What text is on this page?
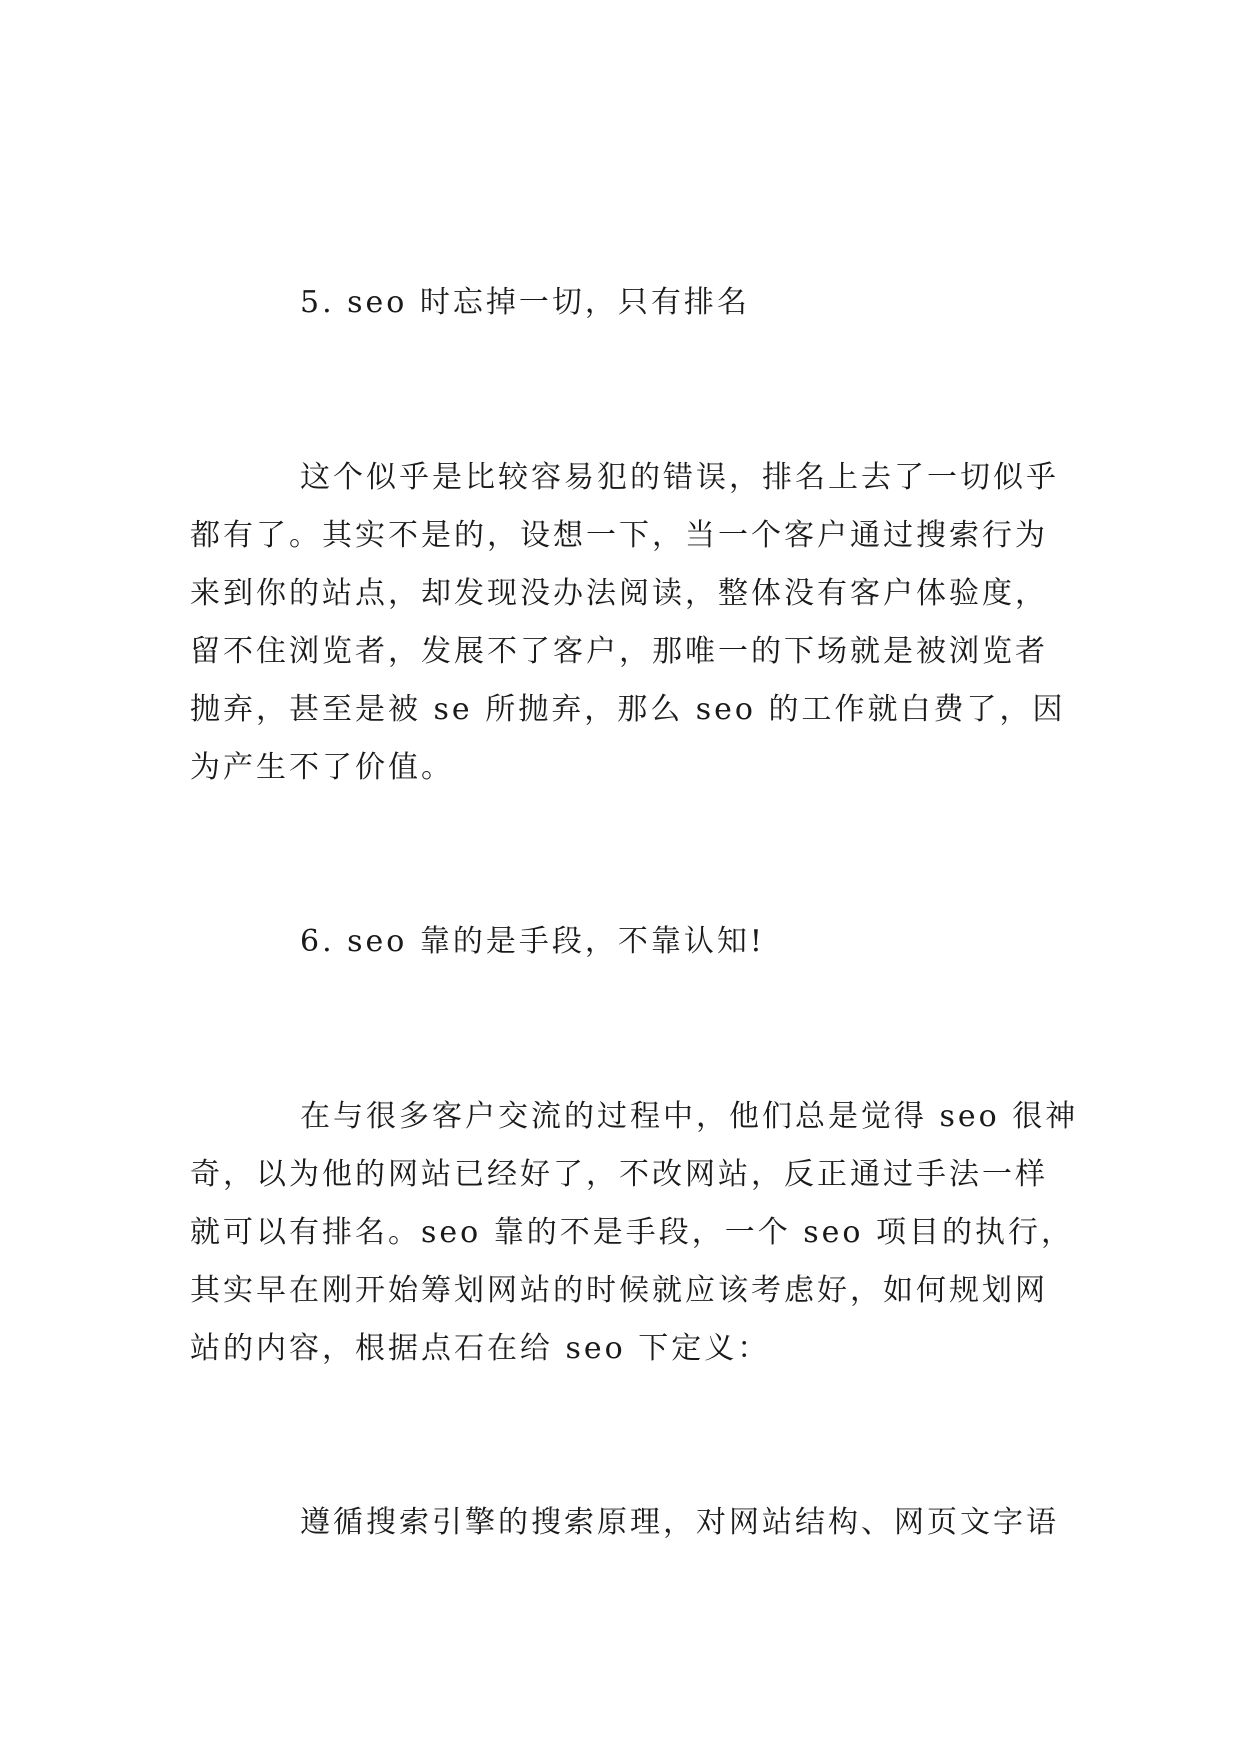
5. seo 时忘掉一切，只有排名

这个似乎是比较容易犯的错误，排名上去了一切似乎

都有了。其实不是的，设想一下，当一个客户通过搜索行为

来到你的站点，却发现没办法阅读，整体没有客户体验度，

留不住浏览者，发展不了客户，那唯一的下场就是被浏览者

抛弃，甚至是被 se 所抛弃，那么 seo 的工作就白费了，因

为产生不了价值。

6. seo 靠的是手段，不靠认知!

在与很多客户交流的过程中，他们总是觉得 seo 很神

奇，以为他的网站已经好了，不改网站，反正通过手法一样

就可以有排名。seo 靠的不是手段，一个 seo 项目的执行，

其实早在刚开始筹划网站的时候就应该考虑好，如何规划网

站的内容，根据点石在给 seo 下定义：

遵循搜索引擎的搜索原理，对网站结构、网页文字语
